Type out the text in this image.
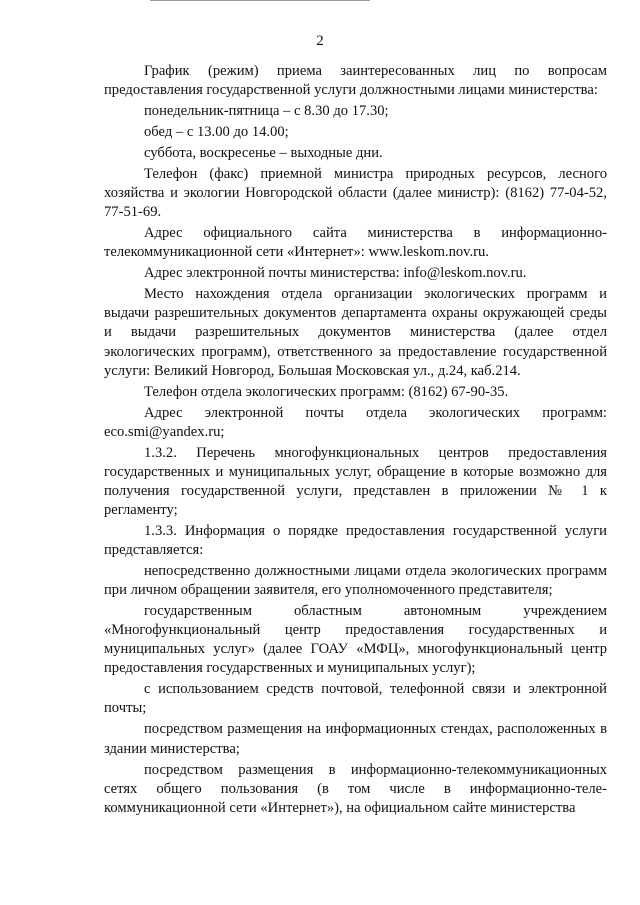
2

График (режим) приема заинтересованных лиц по вопросам предоставления государственной услуги должностными лицами министерства:

понедельник-пятница – с 8.30 до 17.30;

обед – с 13.00 до 14.00;

суббота, воскресенье – выходные дни.

Телефон (факс) приемной министра природных ресурсов, лесного хозяйства и экологии Новгородской области (далее министр): (8162) 77-04-52, 77-51-69.

Адрес официального сайта министерства в информационно-телекоммуникационной сети «Интернет»: www.leskom.nov.ru.

Адрес электронной почты министерства: info@leskom.nov.ru.

Место нахождения отдела организации экологических программ и выдачи разрешительных документов департамента охраны окружающей среды и выдачи разрешительных документов министерства (далее отдел экологических программ), ответственного за предоставление государственной услуги: Великий Новгород, Большая Московская ул., д.24, каб.214.

Телефон отдела экологических программ: (8162) 67-90-35.

Адрес электронной почты отдела экологических программ: eco.smi@yandex.ru;

1.3.2. Перечень многофункциональных центров предоставления государственных и муниципальных услуг, обращение в которые возможно для получения государственной услуги, представлен в приложении № 1 к регламенту;

1.3.3. Информация о порядке предоставления государственной услуги представляется:

непосредственно должностными лицами отдела экологических программ при личном обращении заявителя, его уполномоченного представителя;

государственным областным автономным учреждением «Многофункциональный центр предоставления государственных и муниципальных услуг» (далее ГОАУ «МФЦ», многофункциональный центр предоставления государственных и муниципальных услуг);

с использованием средств почтовой, телефонной связи и электронной почты;

посредством размещения на информационных стендах, расположенных в здании министерства;

посредством размещения в информационно-телекоммуникационных сетях общего пользования (в том числе в информационно-теле-коммуникационной сети «Интернет»), на официальном сайте министерства
